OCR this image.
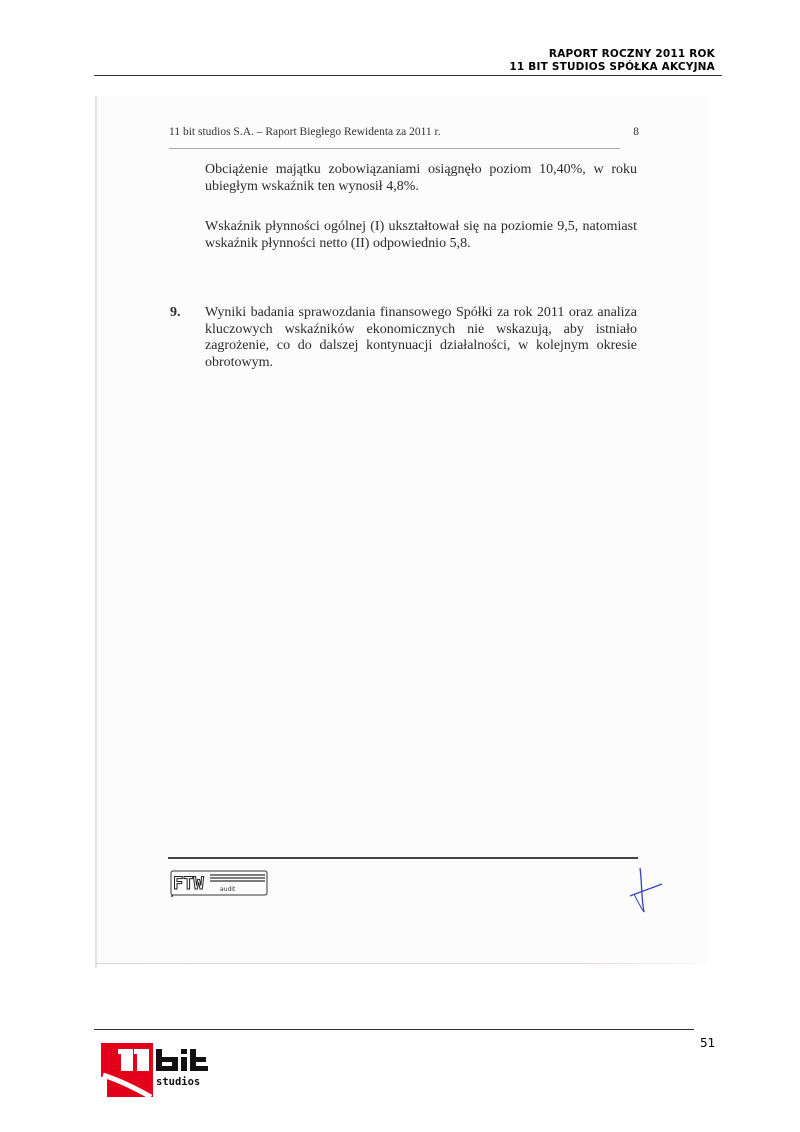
RAPORT ROCZNY 2011 ROK
11 BIT STUDIOS SPÓŁKA AKCYJNA
11 bit studios S.A. – Raport Biegłego Rewidenta za 2011 r.	8
Obciążenie majątku zobowiązaniami osiągnęło poziom 10,40%, w roku ubiegłym wskaźnik ten wynosił 4,8%.
Wskaźnik płynności ogólnej (I) ukształtował się na poziomie 9,5, natomiast wskaźnik płynności netto (II) odpowiednio 5,8.
9. Wyniki badania sprawozdania finansowego Spółki za rok 2011 oraz analiza kluczowych wskaźników ekonomicznych nie wskazują, aby istniało zagrożenie, co do dalszej kontynuacji działalności, w kolejnym okresie obrotowym.
FTW	audit
51
studios
